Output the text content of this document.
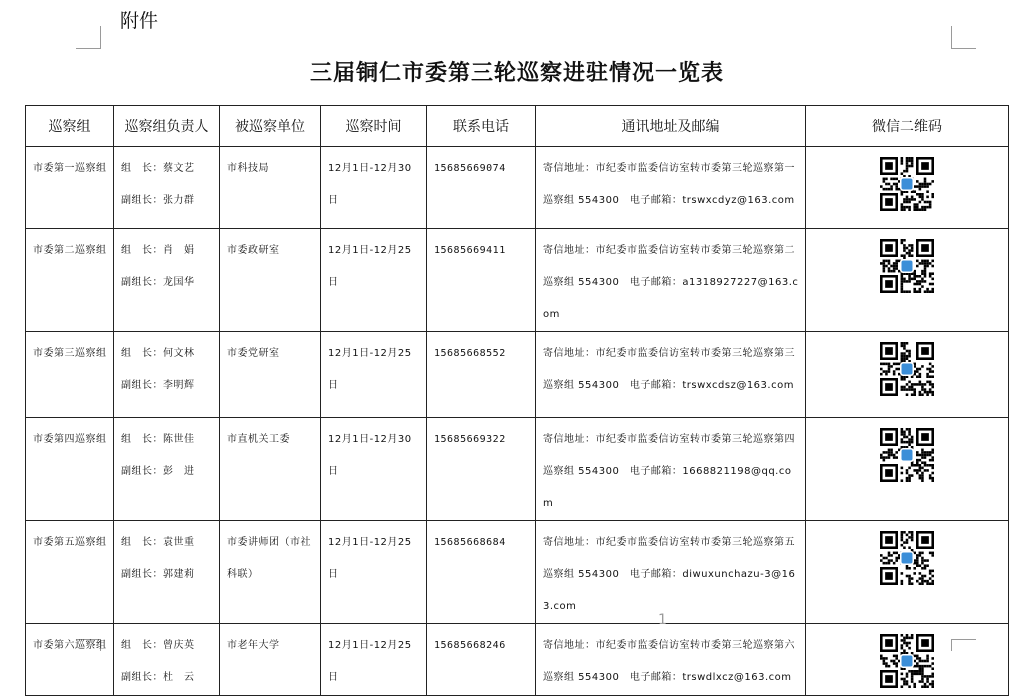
附件
三届铜仁市委第三轮巡察进驻情况一览表
巡察组	巡察组负责人	被巡察单位	巡察时间	联系电话	通讯地址及邮编	微信二维码

市委第一巡察组	组　长：蔡文艺
副组长：张力群	市科技局	12月1日-12月30日	15685669074	寄信地址：市纪委市监委信访室转市委第三轮巡察第一巡察组 554300　电子邮箱：trswxcdyz@163.com

市委第二巡察组	组　长：肖　娟
副组长：龙国华	市委政研室	12月1日-12月25日	15685669411	寄信地址：市纪委市监委信访室转市委第三轮巡察第二巡察组 554300　电子邮箱：a1318927227@163.com

市委第三巡察组	组　长：何文林
副组长：李明辉	市委党研室	12月1日-12月25日	15685668552	寄信地址：市纪委市监委信访室转市委第三轮巡察第三巡察组 554300　电子邮箱：trswxcdsz@163.com

市委第四巡察组	组　长：陈世佳
副组长：彭　进	市直机关工委	12月1日-12月30日	15685669322	寄信地址：市纪委市监委信访室转市委第三轮巡察第四巡察组 554300　电子邮箱：1668821198@qq.com

市委第五巡察组	组　长：袁世重
副组长：郭建莉	市委讲师团（市社科联）	12月1日-12月25日	15685668684	寄信地址：市纪委市监委信访室转市委第三轮巡察第五巡察组 554300　电子邮箱：diwuxunchazu-3@163.com

市委第六巡察组	组　长：曾庆英
副组长：杜　云	市老年大学	12月1日-12月25日	15685668246	寄信地址：市纪委市监委信访室转市委第三轮巡察第六巡察组 554300　电子邮箱：trswdlxcz@163.com

1
